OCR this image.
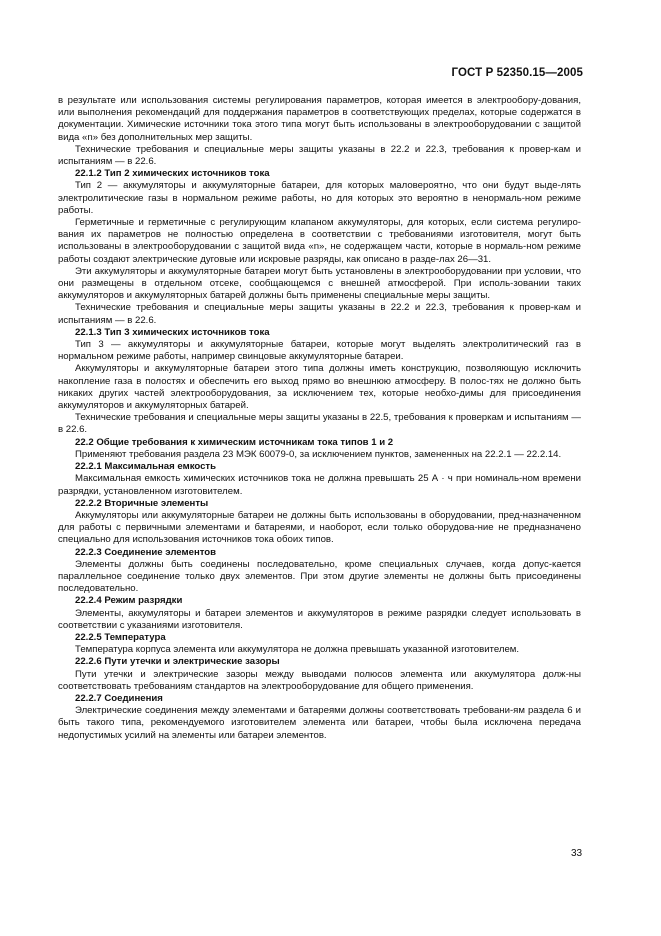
ГОСТ Р 52350.15—2005

в результате или использования системы регулирования параметров, которая имеется в электрообору-дования, или выполнения рекомендаций для поддержания параметров в соответствующих пределах, которые содержатся в документации. Химические источники тока этого типа могут быть использованы в электрооборудовании с защитой вида «n» без дополнительных мер защиты.

Технические требования и специальные меры защиты указаны в 22.2 и 22.3, требования к провер-кам и испытаниям — в 22.6.

22.1.2 Тип 2 химических источников тока

Тип 2 — аккумуляторы и аккумуляторные батареи, для которых маловероятно, что они будут выде-лять электролитические газы в нормальном режиме работы, но для которых это вероятно в ненормаль-ном режиме работы.

Герметичные и герметичные с регулирующим клапаном аккумуляторы, для которых, если система регулиро-вания их параметров не полностью определена в соответствии с требованиями изготовителя, могут быть использованы в электрооборудовании с защитой вида «n», не содержащем части, которые в нормаль-ном режиме работы создают электрические дуговые или искровые разряды, как описано в разде-лах 26—31.

Эти аккумуляторы и аккумуляторные батареи могут быть установлены в электрооборудовании при условии, что они размещены в отдельном отсеке, сообщающемся с внешней атмосферой. При исполь-зовании таких аккумуляторов и аккумуляторных батарей должны быть применены специальные меры защиты.

Технические требования и специальные меры защиты указаны в 22.2 и 22.3, требования к провер-кам и испытаниям — в 22.6.

22.1.3 Тип 3 химических источников тока

Тип 3 — аккумуляторы и аккумуляторные батареи, которые могут выделять электролитический газ в нормальном режиме работы, например свинцовые аккумуляторные батареи.

Аккумуляторы и аккумуляторные батареи этого типа должны иметь конструкцию, позволяющую исключить накопление газа в полостях и обеспечить его выход прямо во внешнюю атмосферу. В полос-тях не должно быть никаких других частей электрооборудования, за исключением тех, которые необхо-димы для присоединения аккумуляторов и аккумуляторных батарей.

Технические требования и специальные меры защиты указаны в 22.5, требования к проверкам и испытаниям — в 22.6.

22.2 Общие требования к химическим источникам тока типов 1 и 2

Применяют требования раздела 23 МЭК 60079-0, за исключением пунктов, замененных на 22.2.1 — 22.2.14.

22.2.1 Максимальная емкость

Максимальная емкость химических источников тока не должна превышать 25 А · ч при номиналь-ном времени разрядки, установленном изготовителем.

22.2.2 Вторичные элементы

Аккумуляторы или аккумуляторные батареи не должны быть использованы в оборудовании, пред-назначенном для работы с первичными элементами и батареями, и наоборот, если только оборудова-ние не предназначено специально для использования источников тока обоих типов.

22.2.3 Соединение элементов

Элементы должны быть соединены последовательно, кроме специальных случаев, когда допус-кается параллельное соединение только двух элементов. При этом другие элементы не должны быть присоединены последовательно.

22.2.4 Режим разрядки

Элементы, аккумуляторы и батареи элементов и аккумуляторов в режиме разрядки следует использовать в соответствии с указаниями изготовителя.

22.2.5 Температура

Температура корпуса элемента или аккумулятора не должна превышать указанной изготовителем.

22.2.6 Пути утечки и электрические зазоры

Пути утечки и электрические зазоры между выводами полюсов элемента или аккумулятора долж-ны соответствовать требованиям стандартов на электрооборудование для общего применения.

22.2.7 Соединения

Электрические соединения между элементами и батареями должны соответствовать требовани-ям раздела 6 и быть такого типа, рекомендуемого изготовителем элемента или батареи, чтобы была исключена передача недопустимых усилий на элементы или батареи элементов.

33
